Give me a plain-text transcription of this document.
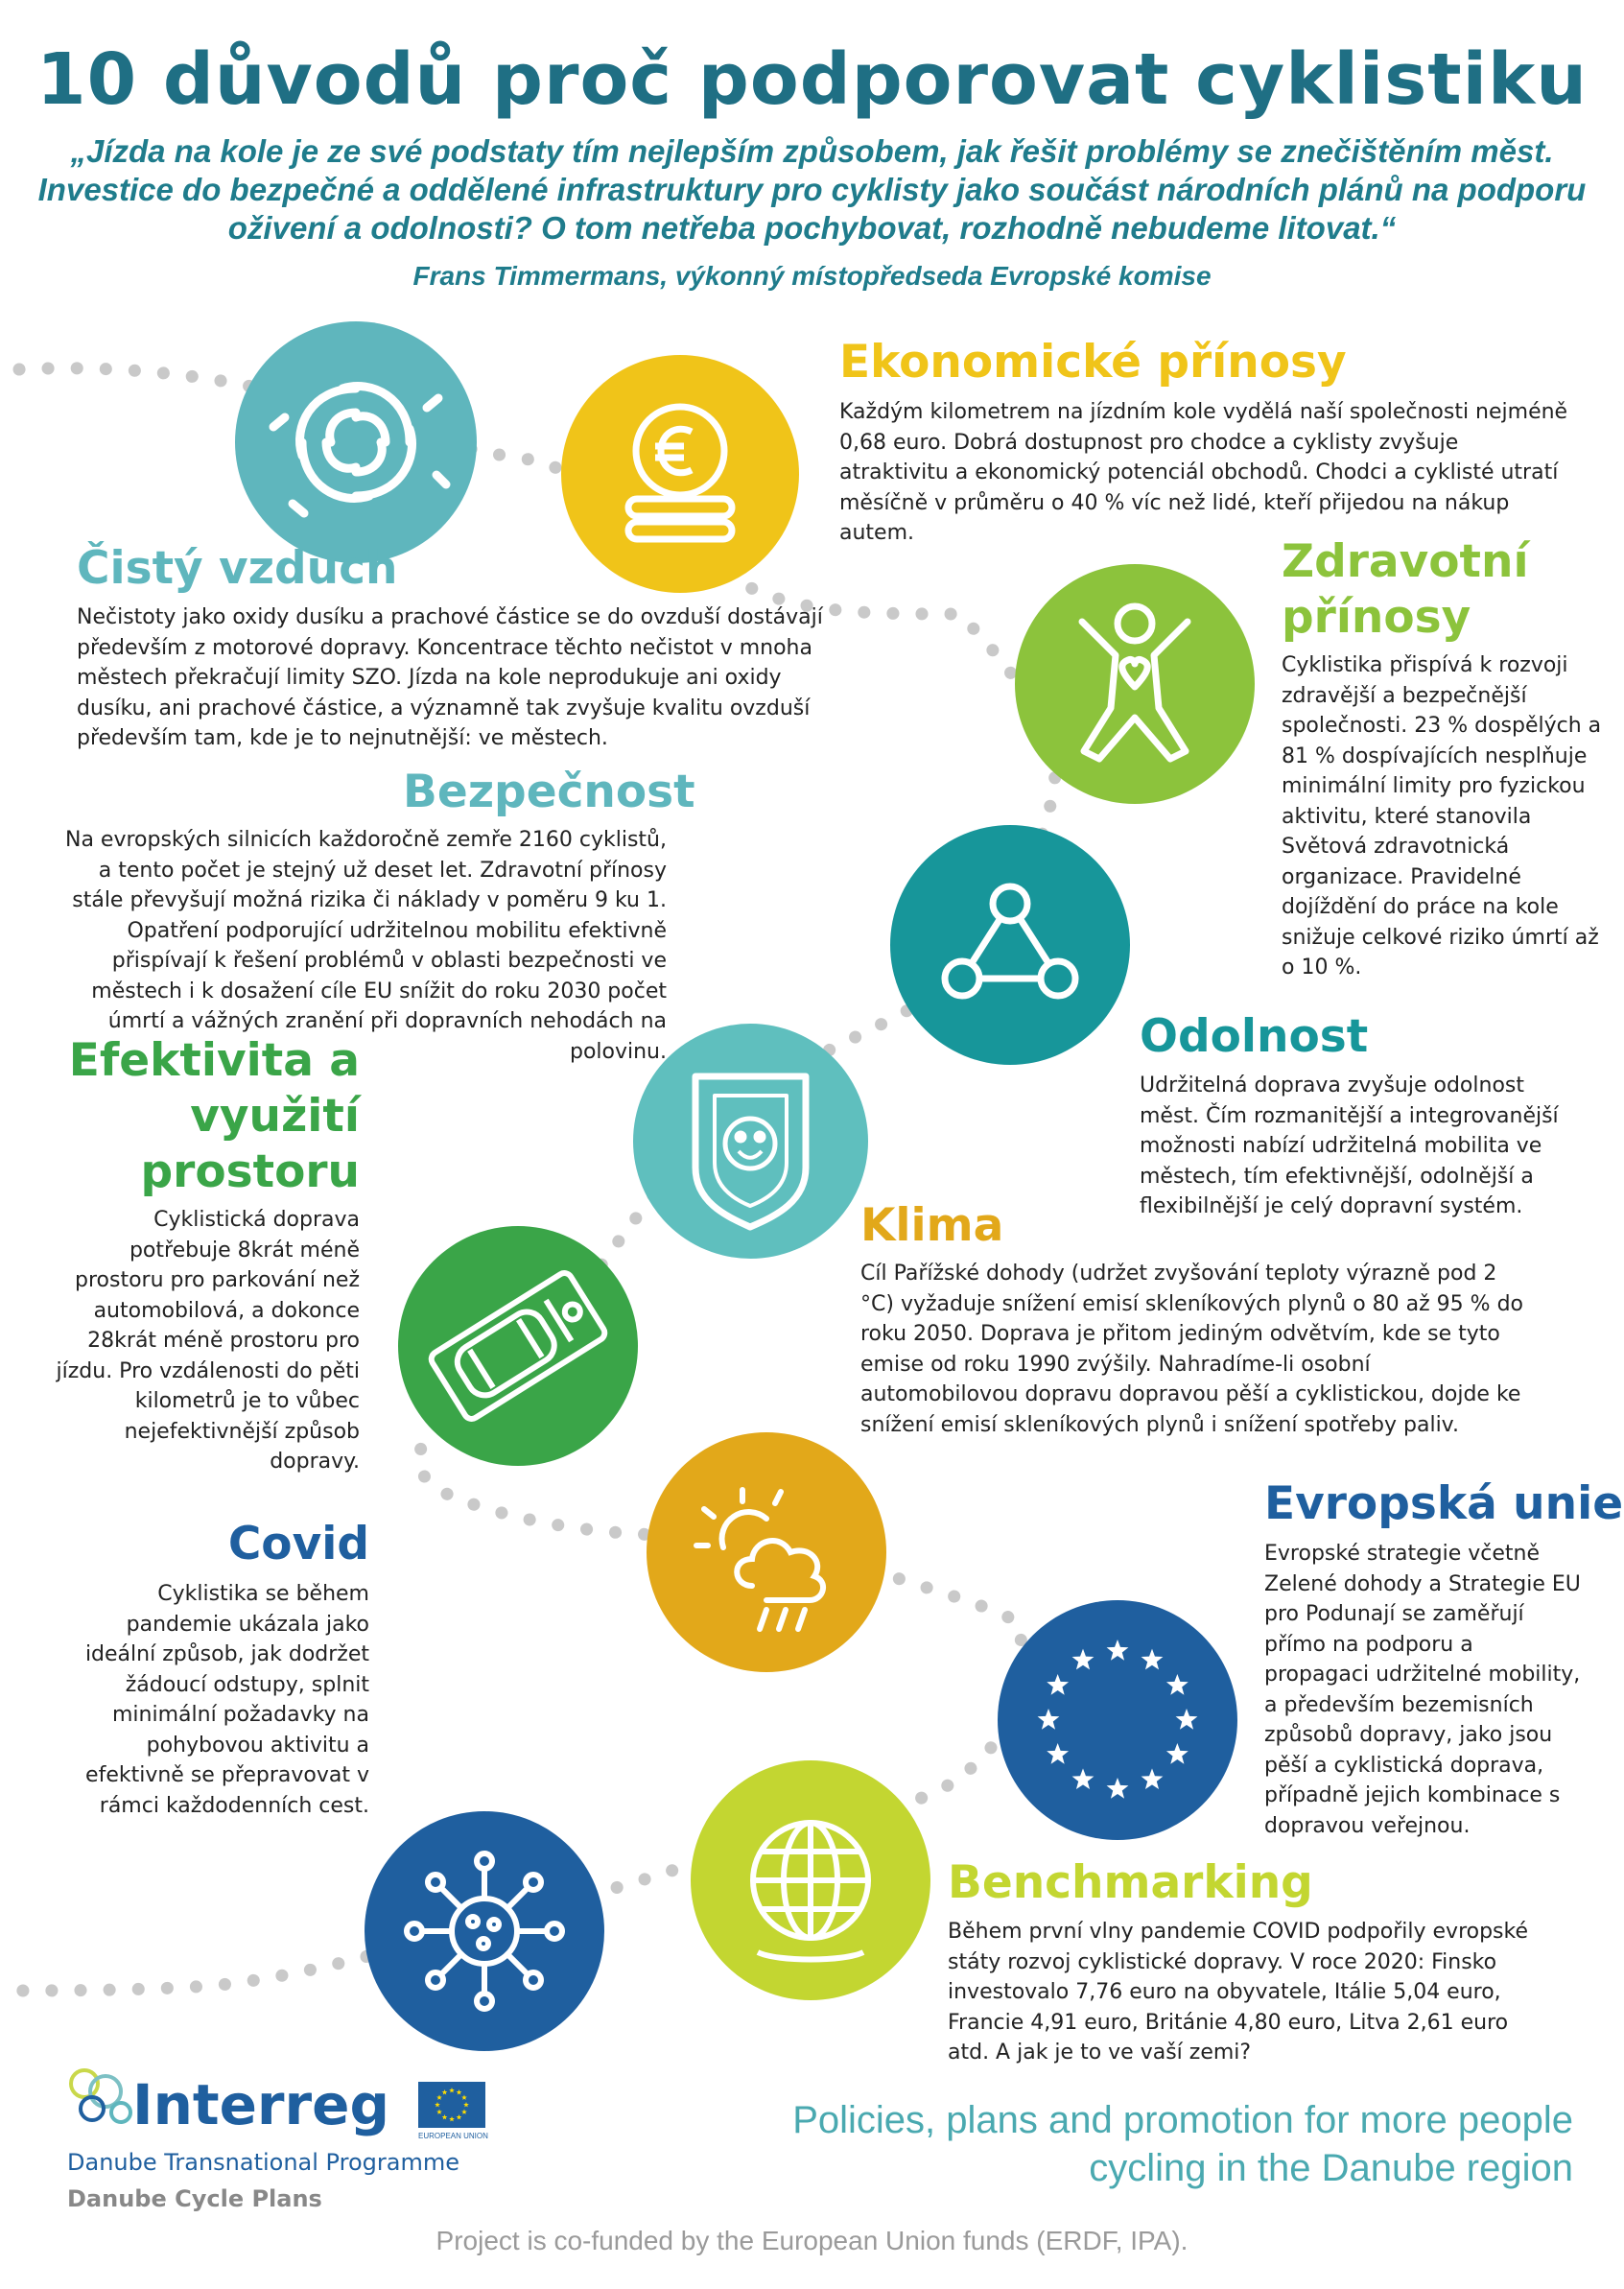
10 důvodů proč podporovat cyklistiku
„Jízda na kole je ze své podstaty tím nejlepším způsobem, jak řešit problémy se znečištěním měst. Investice do bezpečné a oddělené infrastruktury pro cyklisty jako součást národních plánů na podporu oživení a odolnosti? O tom netřeba pochybovat, rozhodně nebudeme litovat.“
Frans Timmermans, výkonný místopředseda Evropské komise
Ekonomické přínosy
Každým kilometrem na jízdním kole vydělá naší společnosti nejméně 0,68 euro. Dobrá dostupnost pro chodce a cyklisty zvyšuje atraktivitu a ekonomický potenciál obchodů. Chodci a cyklisté utratí měsíčně v průměru o 40 % víc než lidé, kteří přijedou na nákup autem.
Čistý vzduch
Nečistoty jako oxidy dusíku a prachové částice se do ovzduší dostávají především z motorové dopravy. Koncentrace těchto nečistot v mnoha městech překračují limity SZO. Jízda na kole neprodukuje ani oxidy dusíku, ani prachové částice, a významně tak zvyšuje kvalitu ovzduší především tam, kde je to nejnutnější: ve městech.
Zdravotní
přínosy
Cyklistika přispívá k rozvoji zdravější a bezpečnější společnosti. 23 % dospělých a 81 % dospívajících nesplňuje minimální limity pro fyzickou aktivitu, které stanovila Světová zdravotnická organizace. Pravidelné dojíždění do práce na kole snižuje celkové riziko úmrtí až o 10 %.
Bezpečnost
Na evropských silnicích každoročně zemře 2160 cyklistů, a tento počet je stejný už deset let. Zdravotní přínosy stále převyšují možná rizika či náklady v poměru 9 ku 1. Opatření podporující udržitelnou mobilitu efektivně přispívají k řešení problémů v oblasti bezpečnosti ve městech i k dosažení cíle EU snížit do roku 2030 počet úmrtí a vážných zranění při dopravních nehodách na polovinu.	Odolnost
Udržitelná doprava zvyšuje odolnost měst. Čím rozmanitější a integrovanější možnosti nabízí udržitelná mobilita ve městech, tím efektivnější, odolnější a flexibilnější je celý dopravní systém.
Efektivita a
využití
prostoru
Cyklistická doprava potřebuje 8krát méně prostoru pro parkování než automobilová, a dokonce 28krát méně prostoru pro jízdu. Pro vzdálenosti do pěti kilometrů je to vůbec nejefektivnější způsob dopravy.
Klima
Cíl Pařížské dohody (udržet zvyšování teploty výrazně pod 2 °C) vyžaduje snížení emisí skleníkových plynů o 80 až 95 % do roku 2050. Doprava je přitom jediným odvětvím, kde se tyto emise od roku 1990 zvýšily. Nahradíme-li osobní automobilovou dopravu dopravou pěší a cyklistickou, dojde ke snížení emisí skleníkových plynů i snížení spotřeby paliv.
Covid
Cyklistika se během pandemie ukázala jako ideální způsob, jak dodržet žádoucí odstupy, splnit minimální požadavky na pohybovou aktivitu a efektivně se přepravovat v rámci každodenních cest.
Evropská unie
Evropské strategie včetně Zelené dohody a Strategie EU pro Podunají se zaměřují přímo na podporu a propagaci udržitelné mobility, a především bezemisních způsobů dopravy, jako jsou pěší a cyklistická doprava, případně jejich kombinace s dopravou veřejnou.
Benchmarking
Během první vlny pandemie COVID podpořily evropské státy rozvoj cyklistické dopravy. V roce 2020: Finsko investovalo 7,76 euro na obyvatele, Itálie 5,04 euro, Francie 4,91 euro, Británie 4,80 euro, Litva 2,61 euro atd. A jak je to ve vaší zemi?
Interreg	EUROPEAN UNION
Danube Transnational Programme
Danube Cycle Plans
Policies, plans and promotion for more people cycling in the Danube region
Project is co-funded by the European Union funds (ERDF, IPA).
